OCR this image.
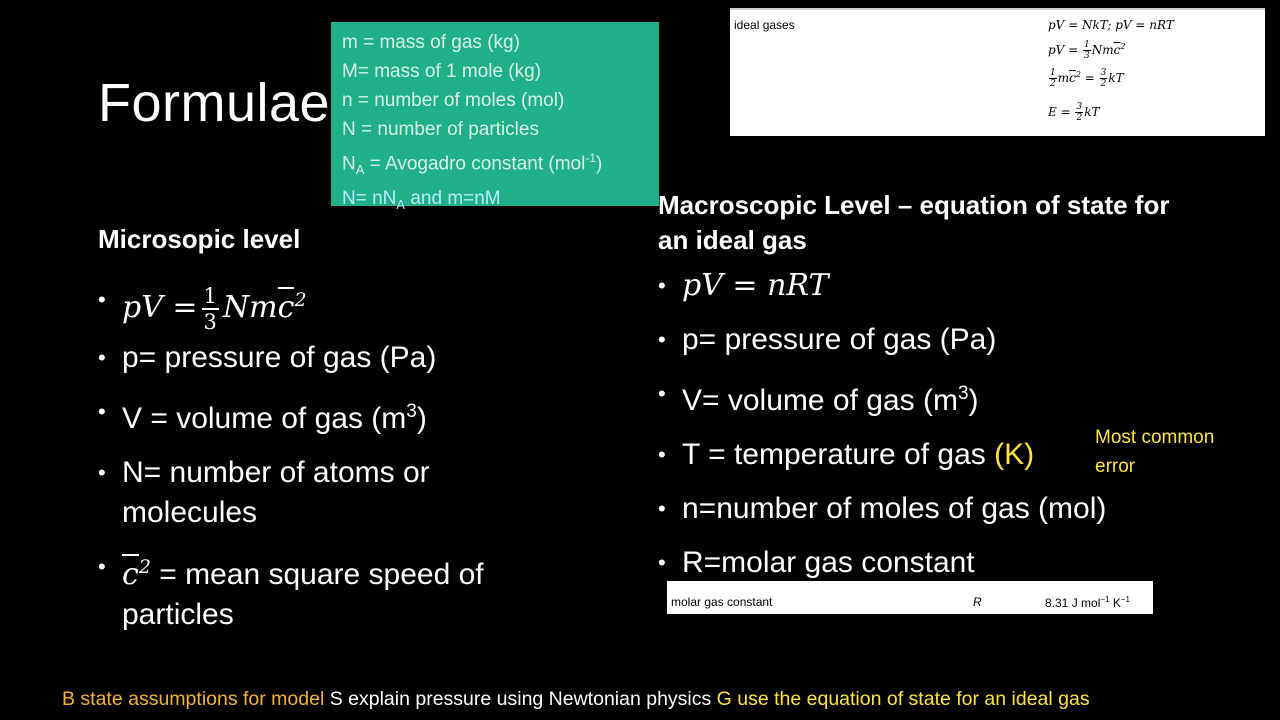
Formulae
m = mass of gas (kg)
M= mass of 1 mole (kg)
n = number of moles (mol)
N = number of particles
$N_A$ = Avogadro constant (mol$^{-1}$)
$N= nN_A$ and m=nM
ideal gases	pV = NkT; pV = nRT
pV = $\frac{1}{3} Nm\overline{c}^2$
$\frac{1}{2} m\overline{c}^2 = \frac{3}{2}$ kT
$E = \frac{3}{2}$ kT
Microsopic level
• pV = $\frac{1}{3} Nmc^2$
• p= pressure of gas (Pa)
• V = volume of gas $(m^3)$
• N= number of atoms or molecules
• $c^2$ = mean square speed of particles
Macroscopic Level – equation of state for an ideal gas
• pV = nRT
• p= pressure of gas (Pa)
• V= volume of gas $(m^3)$
• T = temperature of gas (K)
• n=number of moles of gas (mol)
• R=molar gas constant
Most common error
molar gas constant	R	8.31 J mol$^{-1}$ $K^{-1}$
B state assumptions for model S explain pressure using Newtonian physics G use the equation of state for an ideal gas
